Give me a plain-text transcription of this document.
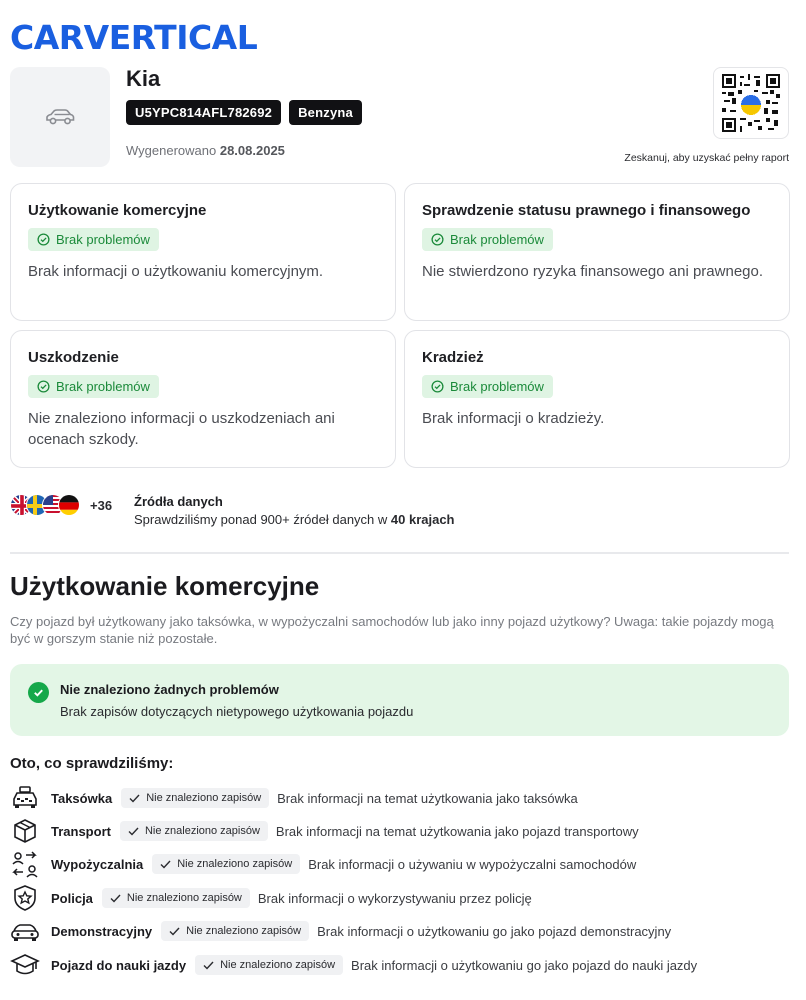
CARVERTICAL
Kia
U5YPC814AFL782692	Benzyna
Wygenerowano 28.08.2025	Zeskanuj, aby uzyskać pełny raport
Użytkowanie komercyjne
Brak problemów
Brak informacji o użytkowaniu komercyjnym.
Sprawdzenie statusu prawnego i finansowego
Brak problemów
Nie stwierdzono ryzyka finansowego ani prawnego.
Uszkodzenie
Brak problemów
Nie znaleziono informacji o uszkodzeniach ani ocenach szkody.
Kradzież
Brak problemów
Brak informacji o kradzieży.
+36 Źródła danych
Sprawdziliśmy ponad 900+ źródeł danych w 40 krajach
Użytkowanie komercyjne
Czy pojazd był użytkowany jako taksówka, w wypożyczalni samochodów lub jako inny pojazd użytkowy? Uwaga: takie pojazdy mogą być w gorszym stanie niż pozostałe.
Nie znaleziono żadnych problemów
Brak zapisów dotyczących nietypowego użytkowania pojazdu
Oto, co sprawdziliśmy:
Taksówka	Nie znaleziono zapisów Brak informacji na temat użytkowania jako taksówka
Transport	Nie znaleziono zapisów Brak informacji na temat użytkowania jako pojazd transportowy
Wypożyczalnia	Nie znaleziono zapisów Brak informacji o używaniu w wypożyczalni samochodów
Policja	Nie znaleziono zapisów Brak informacji o wykorzystywaniu przez policję
Demonstracyjny	Nie znaleziono zapisów Brak informacji o użytkowaniu go jako pojazd demonstracyjny
Pojazd do nauki jazdy	Nie znaleziono zapisów Brak informacji o użytkowaniu go jako pojazd do nauki jazdy
